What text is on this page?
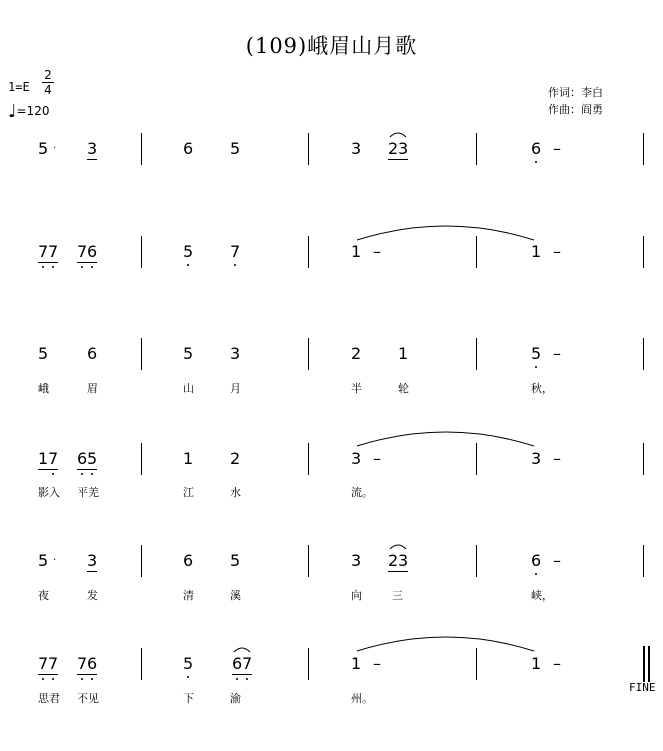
(109)峨眉山月歌
1=E
2
4
♩=120
作词：李白
作曲：阎勇
5 · 3	6 5	3 2 3	6 –
7 7 7 6	5 7	1 –	1 –
5 6	5 3	2 1	5 –
峨	眉	山	月	半	轮	秋，
1 7 6 5	1 2	3 –	3 –
影入 平羌	江	水	流。
5 · 3	6 5	3 2 3	6 –
夜	发	清	溪	向	三	峡，
7 7 7 6	5 6 7	1 –	1 –
FINE
思君 不见	下	渝	州。
